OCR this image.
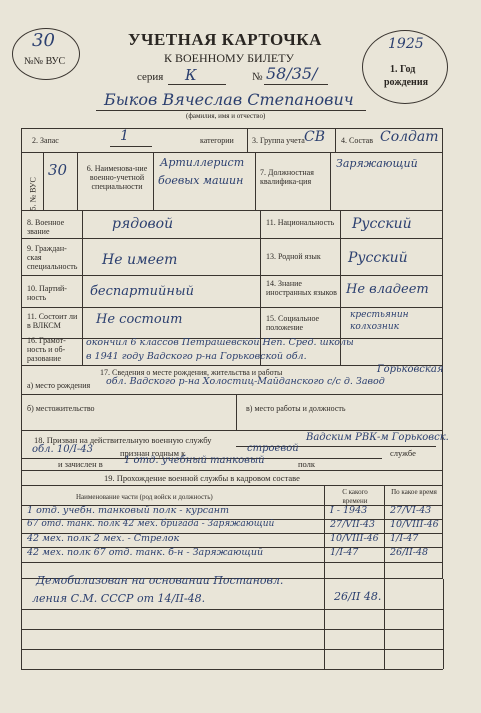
30
№№ ВУС
УЧЕТНАЯ КАРТОЧКА
К ВОЕННОМУ БИЛЕТУ
серия К	№ 58/35/
1925
1. Год
рождения
Быков Вячеслав Степанович
(фамилия, имя и отчество)
2. Запас	1	категории 3. Группа учета СВ 4. Состав Солдат
5. № ВУС
30	6. Наименова-ние военно-учетной специальности
Артиллерист
боевых машин
7. Должностная квалифика-ция
Заряжающий
8. Военное звание	рядовой	11. Национальность Русский
9. Граждан-ская специальность Не имеет	13. Родной язык	Русский
10. Партий-ность	беспартийный
14. Знание иностранных языков Не владеет
11. Состоит ли в ВЛКСМ	Не состоит	15. Социальное положение
крестьянин колхозник
16. Грамот-ность и об-разование
окончил 6 классов Петрашевской Неп. Сред. школы
в 1941 году Вадского р-на Горьковской обл.
17. Сведения о месте рождения, жительства и работы	Горьковская
а) место рождения обл. Вадского р-на Холостиц-Майданского с/с д. Завод
б) местожительство	в) место работы и должность
18. Призван на действительную военную службу	Вадским РВК-м Горьковск.
обл. 10/I-43	признан годным к	строевой	службе
и зачислен в 1 отд. учебный танковый	полк
19. Прохождение военной службы в кадровом составе
Наименование части (род войск и должность)
С какого времени
По какое время
1 отд. учебн. танковый полк - курсант	I - 1943 27/VI-43
67 отд. танк. полк 42 мех. бригада - Заряжающий	27/VII-43 10/VIII-46
42 мех. полк 2 мех. - Стрелок	10/VIII-46 1/I-47
42 мех. полк 67 отд. танк. б-н - Заряжающий	1/I-47	26/II-48
Демобилизован на основании Постановл.
ления С.М. СССР от 14/II-48.	26/II 48.
